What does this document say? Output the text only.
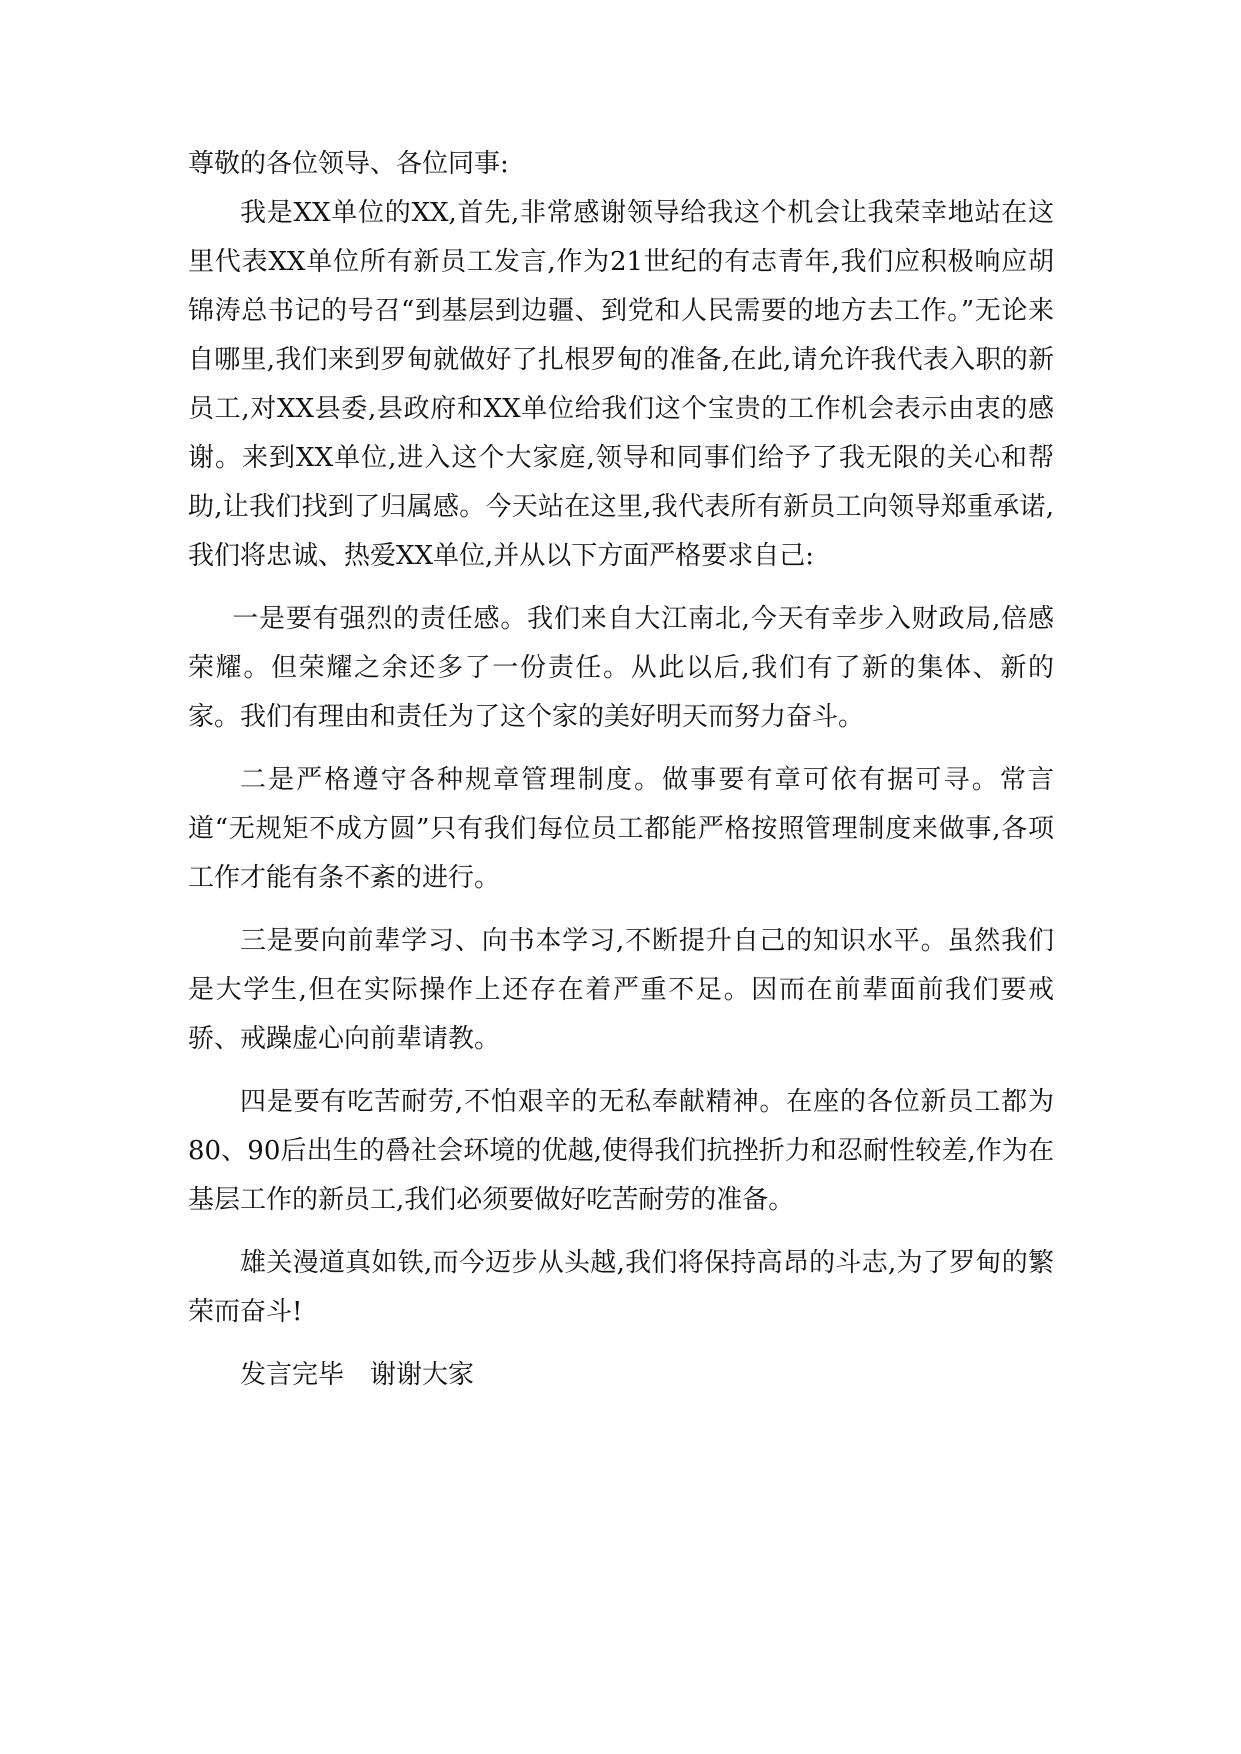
尊敬的各位领导、各位同事:

我是XX单位的XX,首先,非常感谢领导给我这个机会让我荣幸地站在这里代表XX单位所有新员工发言,作为21世纪的有志青年,我们应积极响应胡锦涛总书记的号召“到基层到边疆、到党和人民需要的地方去工作。”无论来自哪里,我们来到罗甸就做好了扎根罗甸的准备,在此,请允许我代表入职的新员工,对XX县委,县政府和XX单位给我们这个宝贵的工作机会表示由衷的感谢。来到XX单位,进入这个大家庭,领导和同事们给予了我无限的关心和帮助,让我们找到了归属感。今天站在这里,我代表所有新员工向领导郑重承诺,我们将忠诚、热爱XX单位,并从以下方面严格要求自己:

一是要有强烈的责任感。我们来自大江南北,今天有幸步入财政局,倍感荣耀。但荣耀之余还多了一份责任。从此以后,我们有了新的集体、新的家。我们有理由和责任为了这个家的美好明天而努力奋斗。

二是严格遵守各种规章管理制度。做事要有章可依有据可寻。常言道“无规矩不成方圆”只有我们每位员工都能严格按照管理制度来做事,各项工作才能有条不紊的进行。

三是要向前辈学习、向书本学习,不断提升自己的知识水平。虽然我们是大学生,但在实际操作上还存在着严重不足。因而在前辈面前我们要戒骄、戒躁虚心向前辈请教。

四是要有吃苦耐劳,不怕艰辛的无私奉献精神。在座的各位新员工都为80、90后出生的噕社会环境的优越,使得我们抗挫折力和忍耐性较差,作为在基层工作的新员工,我们必须要做好吃苦耐劳的准备。

雄关漫道真如铁,而今迈步从头越,我们将保持高昂的斗志,为了罗甸的繁荣而奋斗!

发言完毕　谢谢大家
